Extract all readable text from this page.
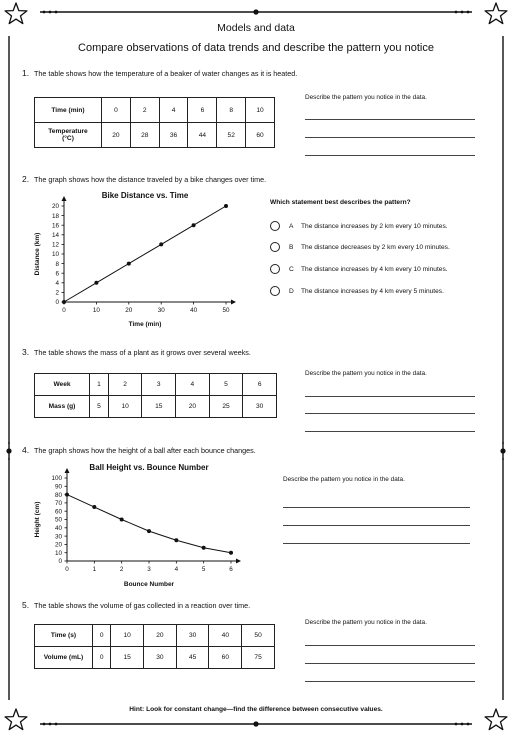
Models and data
Compare observations of data trends and describe the pattern you notice
1. The table shows how the temperature of a beaker of water changes as it is heated.
Time (min)	0	2	4	6	8	10
Temperature
(°C)	20	28	36	44	52	60
Describe the pattern you notice in the data.
2. The graph shows how the distance traveled by a bike changes over time.
Bike Distance vs. Time
0
2
4
6
8
10
12
14
16
18
20
0	10	20	30	40	50
Time (min)
Distance (km)
Which statement best describes the pattern?
A	The distance increases by 2 km every 10 minutes.
B	The distance decreases by 2 km every 10 minutes.
C	The distance increases by 4 km every 10 minutes.
D	The distance increases by 4 km every 5 minutes.
3. The table shows the mass of a plant as it grows over several weeks.
Week	1	2	3	4	5	6
Mass (g)	5	10	15	20	25	30
Describe the pattern you notice in the data.
4. The graph shows how the height of a ball after each bounce changes.
Ball Height vs. Bounce Number
0
10
20
30
40
50
60
70
80
90
100
0	1	2	3	4	5	6
Bounce Number
Height (cm)
Describe the pattern you notice in the data.
5. The table shows the volume of gas collected in a reaction over time.
Time (s)	0	10	20	30	40	50
Volume (mL)	0	15	30	45	60	75
Describe the pattern you notice in the data.
Hint: Look for constant change—find the difference between consecutive values.
